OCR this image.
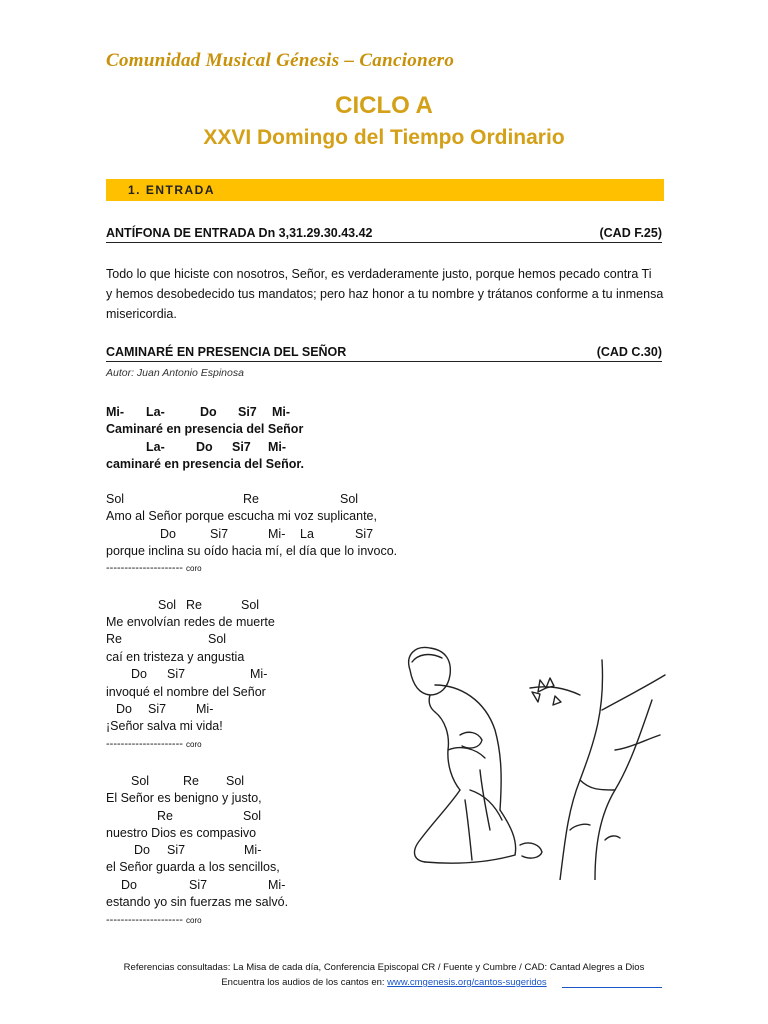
Comunidad Musical Génesis – Cancionero
CICLO A
XXVI Domingo del Tiempo Ordinario
1. ENTRADA
ANTÍFONA DE ENTRADA Dn 3,31.29.30.43.42	(CAD F.25)
Todo lo que hiciste con nosotros, Señor, es verdaderamente justo, porque hemos pecado contra Ti
y hemos desobedecido tus mandatos; pero haz honor a tu nombre y trátanos conforme a tu inmensa
misericordia.
CAMINARÉ EN PRESENCIA DEL SEÑOR	(CAD C.30)
Autor: Juan Antonio Espinosa
Mi- La-	Do Si7 Mi-
Caminaré en presencia del Señor
La-	Do Si7 Mi-
caminaré en presencia del Señor.
Sol	Re	Sol
Amo al Señor porque escucha mi voz suplicante,
Do	Si7	Mi- La	Si7
porque inclina su oído hacia mí, el día que lo invoco.
--------------------- coro
Sol Re	Sol
Me envolvían redes de muerte
Re	Sol
caí en tristeza y angustia
Do Si7	Mi-
invoqué el nombre del Señor
Do Si7 Mi-
¡Señor salva mi vida!
--------------------- coro
Sol	Re Sol
El Señor es benigno y justo,
Re	Sol
nuestro Dios es compasivo
Do Si7	Mi-
el Señor guarda a los sencillos,
Do	Si7	Mi-
estando yo sin fuerzas me salvó.
--------------------- coro
Referencias consultadas: La Misa de cada día, Conferencia Episcopal CR / Fuente y Cumbre / CAD: Cantad Alegres a Dios
Encuentra los audios de los cantos en: www.cmgenesis.org/cantos-sugeridos
